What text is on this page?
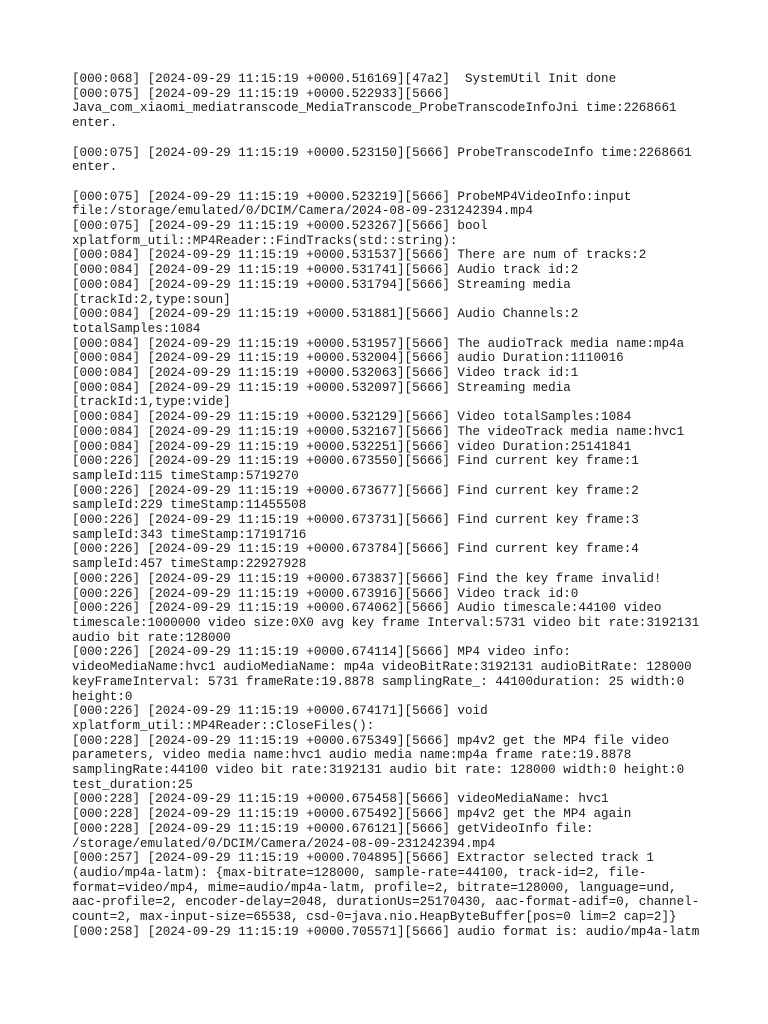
[000:068] [2024-09-29 11:15:19 +0000.516169][47a2]  SystemUtil Init done

[000:075] [2024-09-29 11:15:19 +0000.522933][5666] Java_com_xiaomi_mediatranscode_MediaTranscode_ProbeTranscodeInfoJni time:2268661 enter.

[000:075] [2024-09-29 11:15:19 +0000.523150][5666] ProbeTranscodeInfo time:2268661 enter.

[000:075] [2024-09-29 11:15:19 +0000.523219][5666] ProbeMP4VideoInfo:input file:/storage/emulated/0/DCIM/Camera/2024-08-09-231242394.mp4

[000:075] [2024-09-29 11:15:19 +0000.523267][5666] bool xplatform_util::MP4Reader::FindTracks(std::string):

[000:084] [2024-09-29 11:15:19 +0000.531537][5666] There are num of tracks:2

[000:084] [2024-09-29 11:15:19 +0000.531741][5666] Audio track id:2

[000:084] [2024-09-29 11:15:19 +0000.531794][5666] Streaming media [trackId:2,type:soun]

[000:084] [2024-09-29 11:15:19 +0000.531881][5666] Audio Channels:2 totalSamples:1084

[000:084] [2024-09-29 11:15:19 +0000.531957][5666] The audioTrack media name:mp4a

[000:084] [2024-09-29 11:15:19 +0000.532004][5666] audio Duration:1110016

[000:084] [2024-09-29 11:15:19 +0000.532063][5666] Video track id:1

[000:084] [2024-09-29 11:15:19 +0000.532097][5666] Streaming media [trackId:1,type:vide]

[000:084] [2024-09-29 11:15:19 +0000.532129][5666] Video totalSamples:1084

[000:084] [2024-09-29 11:15:19 +0000.532167][5666] The videoTrack media name:hvc1

[000:084] [2024-09-29 11:15:19 +0000.532251][5666] video Duration:25141841

[000:226] [2024-09-29 11:15:19 +0000.673550][5666] Find current key frame:1 sampleId:115 timeStamp:5719270

[000:226] [2024-09-29 11:15:19 +0000.673677][5666] Find current key frame:2 sampleId:229 timeStamp:11455508

[000:226] [2024-09-29 11:15:19 +0000.673731][5666] Find current key frame:3 sampleId:343 timeStamp:17191716

[000:226] [2024-09-29 11:15:19 +0000.673784][5666] Find current key frame:4 sampleId:457 timeStamp:22927928

[000:226] [2024-09-29 11:15:19 +0000.673837][5666] Find the key frame invalid!

[000:226] [2024-09-29 11:15:19 +0000.673916][5666] Video track id:0

[000:226] [2024-09-29 11:15:19 +0000.674062][5666] Audio timescale:44100 video timescale:1000000 video size:0X0 avg key frame Interval:5731 video bit rate:3192131 audio bit rate:128000

[000:226] [2024-09-29 11:15:19 +0000.674114][5666] MP4 video info: videoMediaName:hvc1 audioMediaName: mp4a videoBitRate:3192131 audioBitRate: 128000 keyFrameInterval: 5731 frameRate:19.8878 samplingRate_: 44100duration: 25 width:0 height:0

[000:226] [2024-09-29 11:15:19 +0000.674171][5666] void xplatform_util::MP4Reader::CloseFiles():

[000:228] [2024-09-29 11:15:19 +0000.675349][5666] mp4v2 get the MP4 file video parameters, video media name:hvc1 audio media name:mp4a frame rate:19.8878 samplingRate:44100 video bit rate:3192131 audio bit rate: 128000 width:0 height:0 test_duration:25

[000:228] [2024-09-29 11:15:19 +0000.675458][5666] videoMediaName: hvc1

[000:228] [2024-09-29 11:15:19 +0000.675492][5666] mp4v2 get the MP4 again

[000:228] [2024-09-29 11:15:19 +0000.676121][5666] getVideoInfo file: /storage/emulated/0/DCIM/Camera/2024-08-09-231242394.mp4

[000:257] [2024-09-29 11:15:19 +0000.704895][5666] Extractor selected track 1 (audio/mp4a-latm): {max-bitrate=128000, sample-rate=44100, track-id=2, file-format=video/mp4, mime=audio/mp4a-latm, profile=2, bitrate=128000, language=und, aac-profile=2, encoder-delay=2048, durationUs=25170430, aac-format-adif=0, channel-count=2, max-input-size=65538, csd-0=java.nio.HeapByteBuffer[pos=0 lim=2 cap=2]}

[000:258] [2024-09-29 11:15:19 +0000.705571][5666] audio format is: audio/mp4a-latm
